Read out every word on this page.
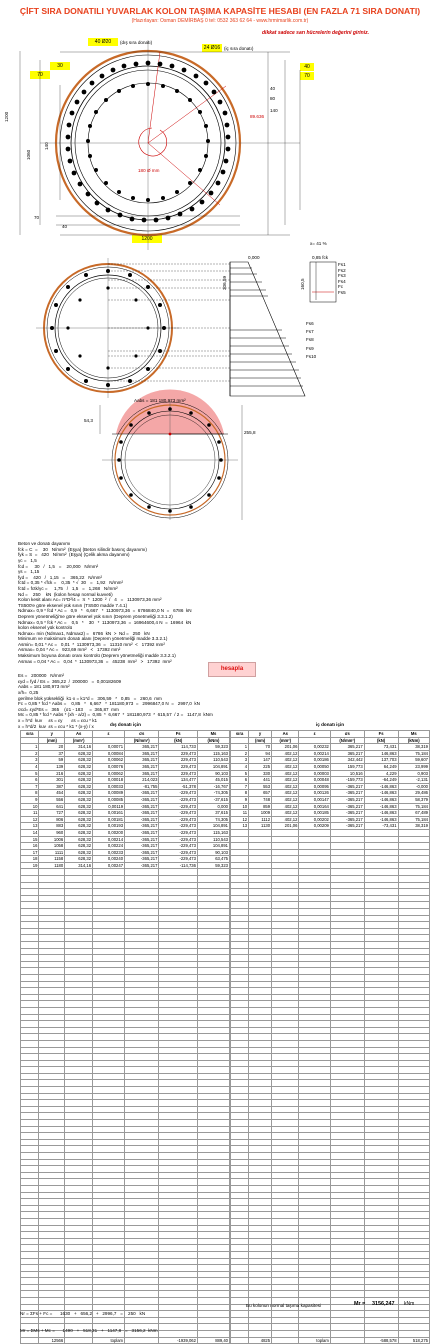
ÇİFT SIRA DONATILI YUVARLAK KOLON TAŞIMA KAPASİTE HESABI (EN FAZLA 71 SIRA DONATI)
(Hazırlayan: Osman DEMİRBAŞ 0 tel: 0532 363 62 64 - www.hrmimarlik.com.tr)
dikkat sadece sarı hücrelerin değerini giriniz.
40 Ø20	(dış sıra donatı)
24 Ø16 (iç sıra donatı)
30
70
40
70
1200
1200
1060
140
40
80
140
89.636
180 Ø mm
70
40
x= 41 %
0,000	0,85 fck
306,59	160,5
Fs1
Fs2
Fs3
Fs4
Fc
Fs5
Fs6
Fs7
Fs8
Fs9
Fs10
Aabs = 181 180,973 mm²
54,3
255,8

Beton ve donatı dayanımı
fck = C  =    30   N/mm²  (Eşya) (Beton silindir basınç dayanımı)
fyk = S  =   420   N/mm²  (Eşya) (Çelik akma dayanımı)
γc =   1,5
fcd =     30   /   1,5   =    20,000   N/mm²
γs =   1,15
fyd =    420   /   1,15   =    365,22   N/mm²
fctd = 0,35 * √fck =    0,35  * √  30   =   1,92   N/mm²
fctd = fctk/γc =     1,75   /   1,5   =   1,268   N/mm²
Nd =    250    kN  (kolon hesap normal kuvveti)
Kolon kesit alanı Ac= π*D²/4 =  π  *  1200  ²  /   4   =   1130973,36 mm²
TS500'e göre eksenel yük sınırı (TS500 madde 7.4.1)
Ndmax= 0,9 * fcd * Ac =   0,9   *   6,667   *  1130973,36  =  6786840,0 N  =   6786  kN
Deprem yönetmeliği'ne göre eksenel yük sınırı (Deprem yönetmeliği 3.3.1.2)
Ndmax= 0,5 * fck * Ac =    0,5   *    30   *  1130973,36  =  16964600,4 N  =  16964  kN
kolon eksenel yük kontrolü
Ndmax= min (Ndmax1, Ndmax2) =   6786  kN  >  Nd =   250   kN
Minimum ve maksimum donatı alanı (Deprem yönetmeliği madde 3.3.2.1)
Asmin= 0,01 * Ac =   0,01  *  1130973,36  =   11310 mm²  <   17392 mm²
Asmax= 0,04 * Ac =   923,69 mm²   <   17392 mm²
Maksimum boyuna donatı oranı kontrolü (Deprem yönetmeliği madde 3.3.2.1)
Asmax = 0,04 * Ac =   0,04  *  1130973,36  =   45238  mm²   >   17392  mm²

hesapla

Es =   200000   N/mm²
εyd = fyd / Es =  365,22  /  200000   =  0,00182609
Aabs = 181 180,973 mm²
x/h=  0,25
gerilme blok yüksekliği  k1·x = k1*d =   306,59   *   0,85   =   260,6  mm
Fc = 0,85 * fcd * Aabs =    0,85   *   6,667   *  181180,973  =   2996847,0 N  =   2997,0  kN
σcd= εyd*Es =   365    (σ1 - 183     =  365,87  mm
Mc = 0,85 * fcd * Aabs * (xh - a/2) =  0,85  *  6,667  *  181180,973  *  615,57  / 2 =   1147,8  kNm
x = h*d  kuv     εs = εy       εs = εcu * k1
x = h*d/2  kuv  εs = εcu * k1 * (x-y) / x	dış donatı için	iç donatı için
sıra	y	As	ε	σs	Fs	Ms
	(mm)	(mm²)		(N/mm²)	(kN)	(kNm)
1	20	314,16	0,00071	365,217	114,733	59,323
2	37	628,32	0,00084	365,217	229,473	115,163
3	59	628,32	0,00062	365,217	229,473	110,543
4	139	628,32	0,00076	365,217	229,473	104,891
5	216	628,32	0,00062	365,217	229,473	90,103
6	301	628,32	0,00018	214,023	134,477	45,015
7	387	628,32	0,00033	-81,755	-51,378	-16,767
8	454	628,32	0,00089	-365,217	-229,473	-74,305
9	556	628,32	0,00085	-365,217	-229,473	-37,615
10	641	628,32	0,00119	-365,217	-229,473	0,000
11	727	628,32	0,00161	-365,217	-229,473	37,615
12	806	628,32	0,00181	-365,217	-229,473	74,305
13	883	628,32	0,00193	-365,217	-229,473	104,891
14	960	628,32	0,00200	-365,217	-229,473	115,163
15	1006	628,32	0,00214	-365,217	-229,473	110,543
16	1058	628,32	0,00224	-365,217	-229,473	104,891
17	1111	628,32	0,00233	-365,217	-229,473	90,103
18	1158	628,32	0,00240	-365,217	-229,473	63,475
19	1180	314,16	0,00247	-365,217	-114,736	59,323

	12566		toplam		-1939,062	889,40
sıra	y	As	ε	σs	Fs	Ms
	(mm)	(mm²)		(N/mm²)	(kN)	(kNm)
1	70	201,06	0,00232	365,217	73,431	38,319
2	94	402,12	0,00214	365,217	146,863	75,184
3	147	402,12	0,00186	342,442	137,703	59,607
4	225	402,12	0,00050	159,773	64,249	23,999
5	330	402,12	0,00003	10,516	4,229	0,903
6	441	402,12	0,00048	-159,773	-64,249	-2,131
7	553	402,12	0,00095	-365,217	-146,863	-0,000
8	657	402,12	0,00126	-365,217	-146,863	29,486
9	748	402,12	0,00147	-365,217	-146,863	58,379
10	859	402,12	0,00164	-365,217	-146,863	75,184
11	1009	402,12	0,00185	-365,217	-146,863	67,489
12	1112	402,12	0,00202	-365,217	-146,863	75,184
13	1130	201,06	0,00209	-365,217	-73,431	38,319

	4825		toplam		-588,578	518,275

Nr = ΣFs + Fc =      1630   +   656,2   +   2996,7   =    250   kN

Mr = ΣMs + Mc =      1490   +   518,31   +   1147,8   =   3156,2  kNm

Bu kolonun normal taşıma kapasitesi	Mr = 3156,247 kNm
